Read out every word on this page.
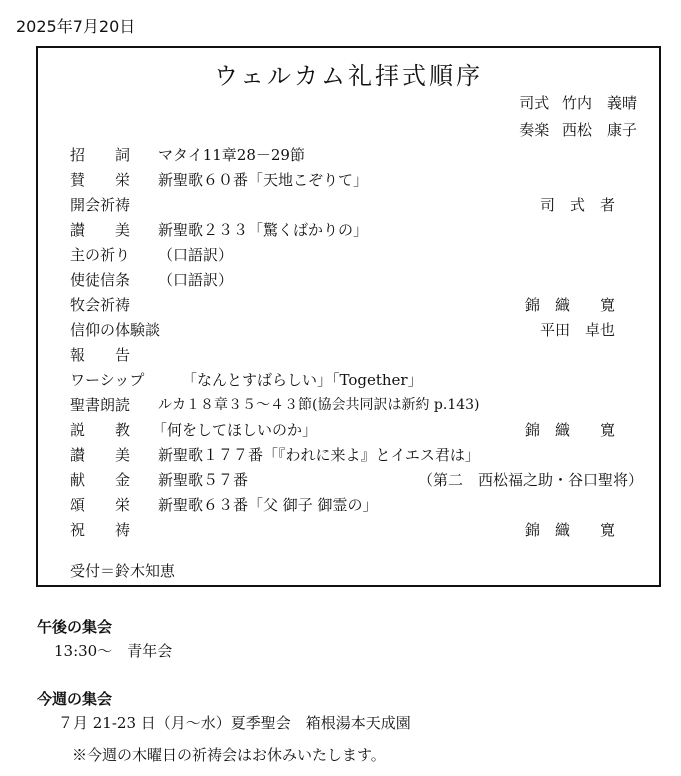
2025年7月20日
ウェルカム礼拝式順序
司式 竹内　義晴
奏楽 西松　康子
招　　詞 マタイ11章28－29節
賛　　栄 新聖歌６０番「天地こぞりて」
開会祈祷	司　式　者
讃　　美 新聖歌２３３「驚くばかりの」
主の祈り （口語訳）
使徒信条 （口語訳）
牧会祈祷	錦　織　　寛
信仰の体験談	平田　卓也
報　　告
ワーシップ	「なんとすばらしい」「Together」
聖書朗読 ルカ１８章３５～４３節(協会共同訳は新約 p.143)
説　　教 「何をしてほしいのか」	錦　織　　寛
讃　　美 新聖歌１７７番「『われに来よ』とイエス君は」
献　　金 新聖歌５７番	（第二　西松福之助・谷口聖将）
頌　　栄 新聖歌６３番「父 御子 御霊の」
祝　　祷	錦　織　　寛
受付＝鈴木知恵
午後の集会
13:30～　青年会
今週の集会
７月 21-23 日（月～水）夏季聖会　箱根湯本天成園
※今週の木曜日の祈祷会はお休みいたします。
